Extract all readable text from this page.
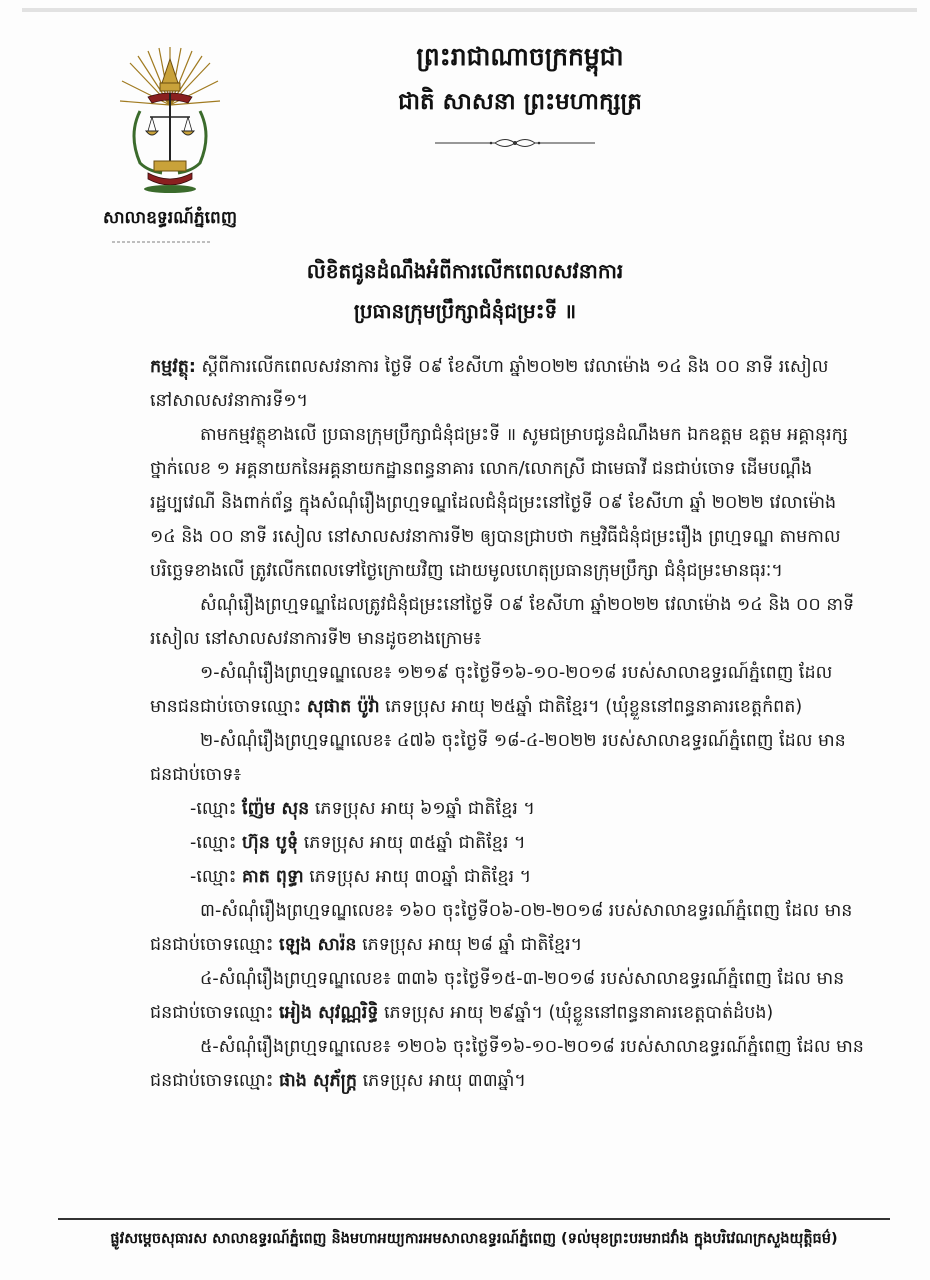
សាលាឧទ្ធរណ៍ភ្នំពេញ
ព្រះរាជាណាចក្រកម្ពុជា
ជាតិ សាសនា ព្រះមហាក្សត្រ
លិខិតជូនដំណឹងអំពីការលើកពេលសវនាការ
ប្រធានក្រុមប្រឹក្សាជំនុំជម្រះទី ॥

កម្មវត្ថុ: ស្តីពីការលើកពេលសវនាការ ថ្ងៃទី ០៩ ខែសីហា ឆ្នាំ២០២២ វេលាម៉ោង ១៤ និង ០០ នាទី រសៀល នៅសាលសវនាការទី១។

តាមកម្មវត្ថុខាងលើ ប្រធានក្រុមប្រឹក្សាជំនុំជម្រះទី ॥ សូមជម្រាបជូនដំណឹងមក ឯកឧត្តម ឧត្តម អគ្គានុរក្សថ្នាក់លេខ ១ អគ្គនាយកនៃអគ្គនាយកដ្ឋានពន្ធនាគារ លោក/លោកស្រី ជាមេធាវី ជនជាប់ចោទ ដើមបណ្តឹងរដ្ឋប្បវេណី និងពាក់ព័ន្ធ ក្នុងសំណុំរឿងព្រហ្មទណ្ឌដែលជំនុំជម្រះនៅថ្ងៃទី ០៩ ខែសីហា ឆ្នាំ ២០២២ វេលាម៉ោង ១៤ និង ០០ នាទី រសៀល នៅសាលសវនាការទី២ ឲ្យបានជ្រាបថា កម្មវិធីជំនុំជម្រះរឿង ព្រហ្មទណ្ឌ តាមកាលបរិច្ឆេទខាងលើ ត្រូវលើកពេលទៅថ្ងៃក្រោយវិញ ដោយមូលហេតុប្រធានក្រុមប្រឹក្សា ជំនុំជម្រះមានធុរៈ។

សំណុំរឿងព្រហ្មទណ្ឌដែលត្រូវជំនុំជម្រះនៅថ្ងៃទី ០៩ ខែសីហា ឆ្នាំ២០២២ វេលាម៉ោង ១៤ និង ០០ នាទី រសៀល នៅសាលសវនាការទី២ មានដូចខាងក្រោម៖

១-សំណុំរឿងព្រហ្មទណ្ឌលេខ៖ ១២១៩ ចុះថ្ងៃទី១៦-១០-២០១៨ របស់សាលាឧទ្ធរណ៍ភ្នំពេញ ដែល មានជនជាប់ចោទឈ្មោះ សុផាត ប៉ូវ៉ា ភេទប្រុស អាយុ ២៥ឆ្នាំ ជាតិខ្មែរ។ (ឃុំខ្លួននៅពន្ធនាគារខេត្តកំពត)

២-សំណុំរឿងព្រហ្មទណ្ឌលេខ៖ ៤៧៦ ចុះថ្ងៃទី ១៨-៤-២០២២ របស់សាលាឧទ្ធរណ៍ភ្នំពេញ ដែល មានជនជាប់ចោទ៖

-ឈ្មោះ ញ៉ែម សុន ភេទប្រុស អាយុ ៦១ឆ្នាំ ជាតិខ្មែរ ។

-ឈ្មោះ ហ៊ុន បូទុំ ភេទប្រុស អាយុ ៣៥ឆ្នាំ ជាតិខ្មែរ ។

-ឈ្មោះ គាត ពុទ្ធា ភេទប្រុស អាយុ ៣០ឆ្នាំ ជាតិខ្មែរ ។

៣-សំណុំរឿងព្រហ្មទណ្ឌលេខ៖ ១៦០ ចុះថ្ងៃទី០៦-០២-២០១៨ របស់សាលាឧទ្ធរណ៍ភ្នំពេញ ដែល មានជនជាប់ចោទឈ្មោះ ឡេង សារ៉ន ភេទប្រុស អាយុ ២៨ ឆ្នាំ ជាតិខ្មែរ។

៤-សំណុំរឿងព្រហ្មទណ្ឌលេខ៖ ៣៣៦ ចុះថ្ងៃទី១៥-៣-២០១៨ របស់សាលាឧទ្ធរណ៍ភ្នំពេញ ដែល មានជនជាប់ចោទឈ្មោះ អៀង សុវណ្ណរិទ្ធិ ភេទប្រុស អាយុ ២៩ឆ្នាំ។ (ឃុំខ្លួននៅពន្ធនាគារខេត្តបាត់ដំបង)

៥-សំណុំរឿងព្រហ្មទណ្ឌលេខ៖ ១២០៦ ចុះថ្ងៃទី១៦-១០-២០១៨ របស់សាលាឧទ្ធរណ៍ភ្នំពេញ ដែល មានជនជាប់ចោទឈ្មោះ ផាង សុភ័ក្ត្រ ភេទប្រុស អាយុ ៣៣ឆ្នាំ។

ផ្លូវសម្តេចសុធារស សាលាឧទ្ធរណ៍ភ្នំពេញ និងមហាអយ្យការអមសាលាឧទ្ធរណ៍ភ្នំពេញ (ទល់មុខព្រះបរមរាជវាំង ក្នុងបរិវេណក្រសួងយុត្តិធម៌)
